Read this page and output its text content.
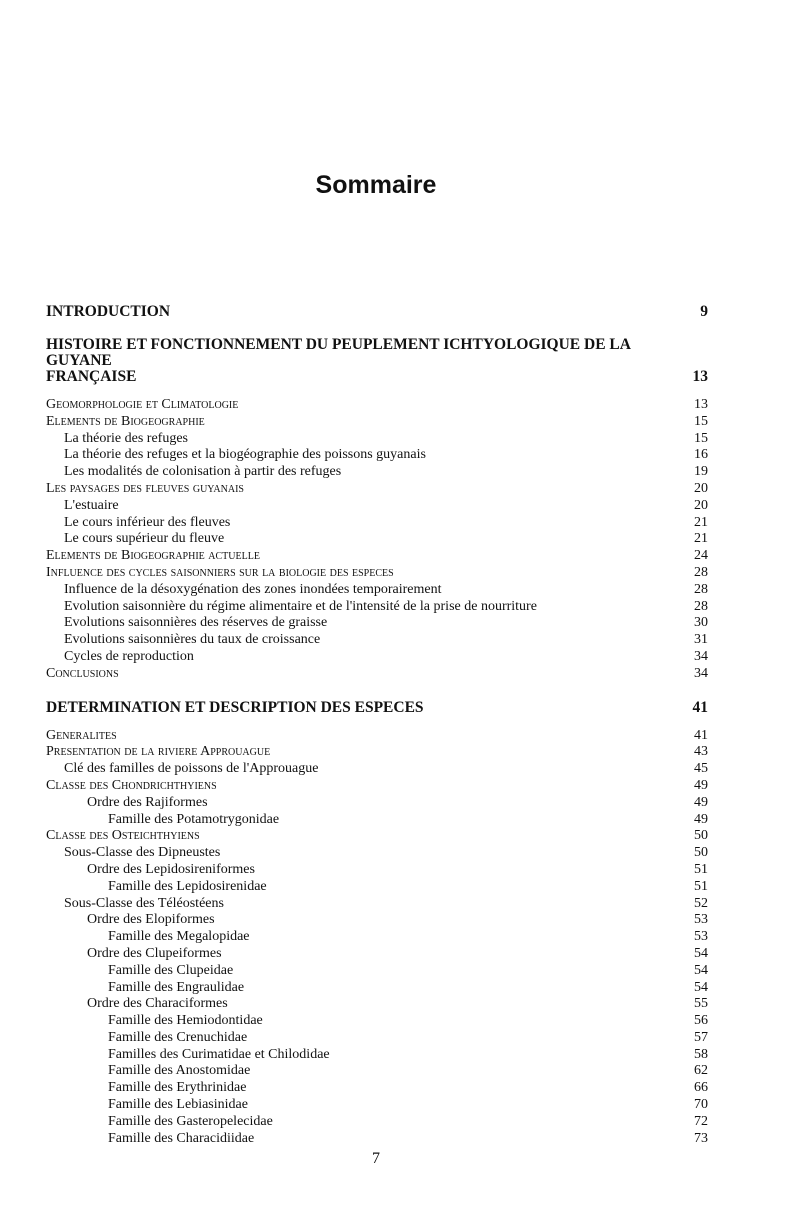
Sommaire
INTRODUCTION	9
HISTOIRE ET FONCTIONNEMENT DU PEUPLEMENT ICHTYOLOGIQUE DE LA GUYANE
FRANÇAISE	13
Geomorphologie et Climatologie	13
Elements de Biogeographie	15
La théorie des refuges	15
La théorie des refuges et la biogéographie des poissons guyanais	16
Les modalités de colonisation à partir des refuges	19
Les paysages des fleuves guyanais	20
L'estuaire	20
Le cours inférieur des fleuves	21
Le cours supérieur du fleuve	21
Elements de Biogeographie actuelle	24
Influence des cycles saisonniers sur la biologie des especes	28
Influence de la désoxygénation des zones inondées temporairement	28
Evolution saisonnière du régime alimentaire et de l'intensité de la prise de nourriture	28
Evolutions saisonnières des réserves de graisse	30
Evolutions saisonnières du taux de croissance	31
Cycles de reproduction	34
Conclusions	34
DETERMINATION ET DESCRIPTION DES ESPECES	41
Generalites	41
Presentation de la riviere Approuague	43
Clé des familles de poissons de l'Approuague	45
Classe des Chondrichthyiens	49
Ordre des Rajiformes	49
Famille des Potamotrygonidae	49
Classe des Osteichthyiens	50
Sous-Classe des Dipneustes	50
Ordre des Lepidosireniformes	51
Famille des Lepidosirenidae	51
Sous-Classe des Téléostéens	52
Ordre des Elopiformes	53
Famille des Megalopidae	53
Ordre des Clupeiformes	54
Famille des Clupeidae	54
Famille des Engraulidae	54
Ordre des Characiformes	55
Famille des Hemiodontidae	56
Famille des Crenuchidae	57
Familles des Curimatidae et Chilodidae	58
Famille des Anostomidae	62
Famille des Erythrinidae	66
Famille des Lebiasinidae	70
Famille des Gasteropelecidae	72
Famille des Characidiidae	73
7
